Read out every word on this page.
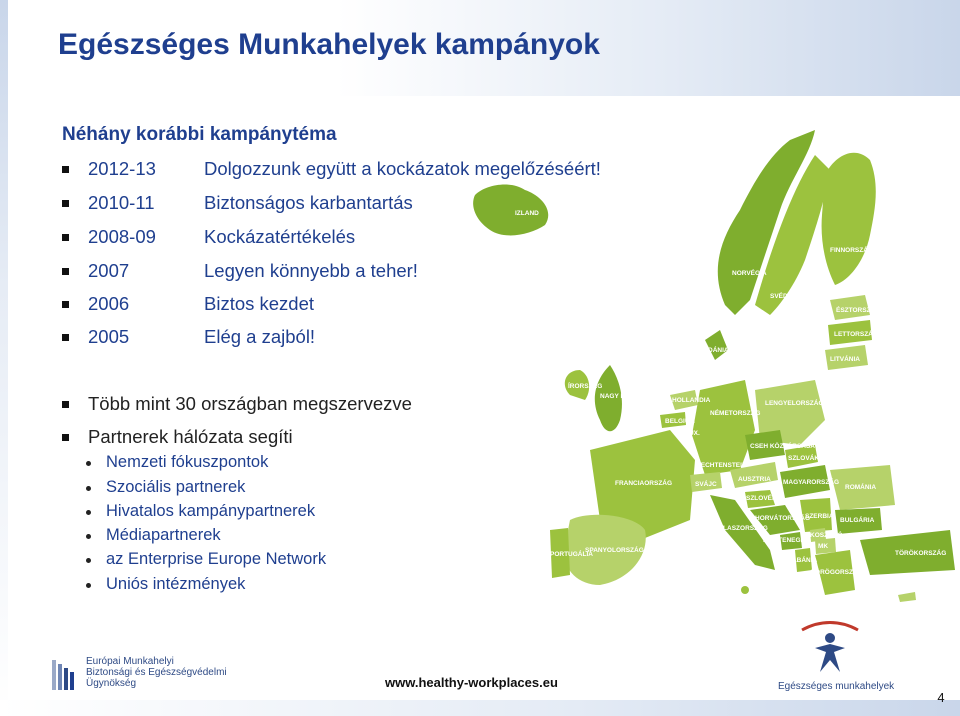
Egészséges Munkahelyek kampányok
Néhány korábbi kampánytéma
2012-13	Dolgozzunk együtt a kockázatok megelőzéséért!
2010-11	Biztonságos karbantartás
2008-09	Kockázatértékelés
2007	Legyen könnyebb a teher!
2006	Biztos kezdet
2005	Elég a zajból!
Több mint 30 országban megszervezve
Partnerek hálózata segíti
Nemzeti fókuszpontok
Szociális partnerek
Hivatalos kampánypartnerek
Médiapartnerek
az Enterprise Europe Network
Uniós intézmények
IZLAND
NORVÉGIA
SVÉDORSZÁG
FINNORSZÁG
ÉSZTORSZÁG
LETTORSZÁG
LITVÁNIA
DÁNIA
ÍRORSZÁG
NAGY BRITANNIA
HOLLANDIA
BELGIUM
LUX.
NÉMETORSZÁG
LENGYELORSZÁG
CSEH KÖZTÁRSASÁG
SZLOVÁKIA
LIECHTENSTEIN
AUSZTRIA MAGYARORSZÁG
FRANCIAORSZÁG	SVÁJC
SZLOVÉNIA
HORVÁTORSZÁG
ROMÁNIA
SZERBIA
MONTENEGRO
KOSZOVÓ
BULGÁRIA
ALBÁNIA
MK
SPANYOLORSZÁG
PORTUGÁLIA
OLASZORSZÁG
GÖRÖGORSZÁG
TÖRÖKORSZÁG
MÁLTA
CIPRUS
Európai Munkahelyi
Biztonsági és Egészségvédelmi
Ügynökség	www.healthy-workplaces.eu	Egészséges munkahelyek
4
